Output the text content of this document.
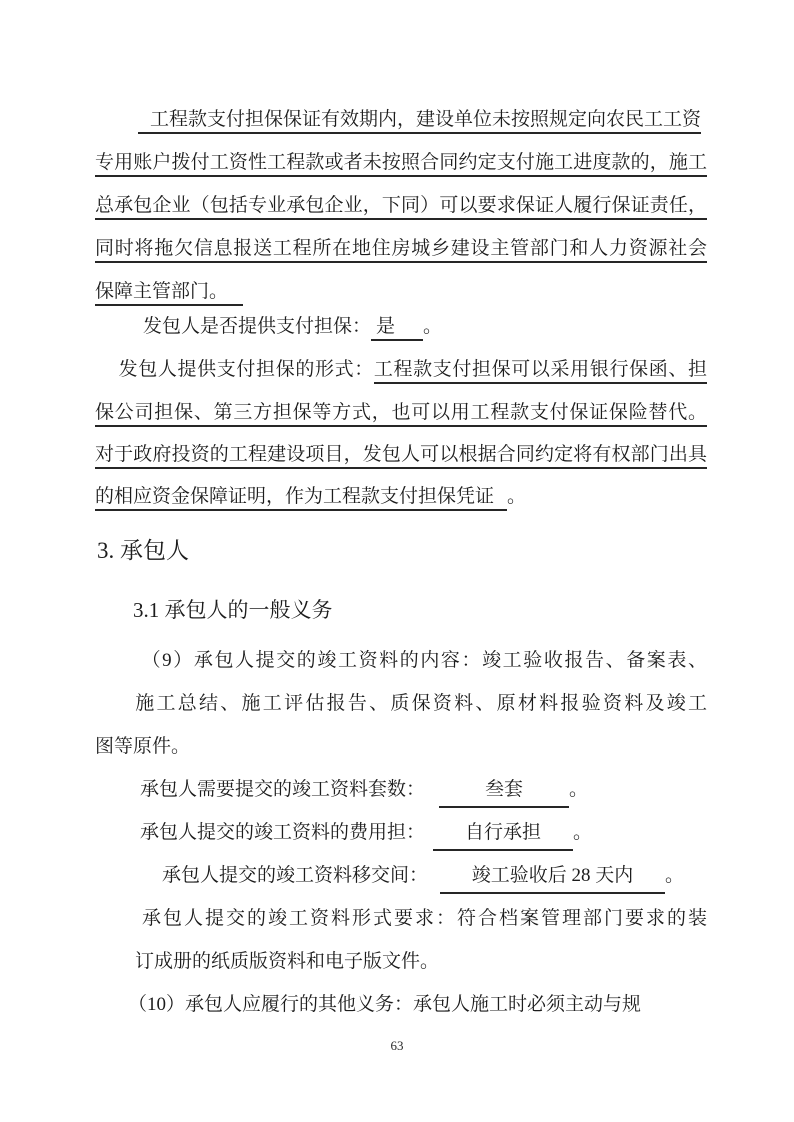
工程款支付担保保证有效期内，建设单位未按照规定向农民工工资
专用账户拨付工资性工程款或者未按照合同约定支付施工进度款的，施工
总承包企业（包括专业承包企业，下同）可以要求保证人履行保证责任，
同时将拖欠信息报送工程所在地住房城乡建设主管部门和人力资源社会
保障主管部门。
发包人是否提供支付担保： 是 。
发包人提供支付担保的形式：工程款支付担保可以采用银行保函、担
保公司担保、第三方担保等方式，也可以用工程款支付保证保险替代。
对于政府投资的工程建设项目，发包人可以根据合同约定将有权部门出具
的相应资金保障证明，作为工程款支付担保凭证 。
3. 承包人
3.1 承包人的一般义务
（9）承包人提交的竣工资料的内容：竣工验收报告、备案表、
施工总结、施工评估报告、质保资料、原材料报验资料及竣工
图等原件。
承包人需要提交的竣工资料套数：	叁套 。
承包人提交的竣工资料的费用担： 自行承担 。
承包人提交的竣工资料移交间： 竣工验收后 28 天内 。
承包人提交的竣工资料形式要求：符合档案管理部门要求的装
订成册的纸质版资料和电子版文件。
（10）承包人应履行的其他义务：承包人施工时必须主动与规
63
